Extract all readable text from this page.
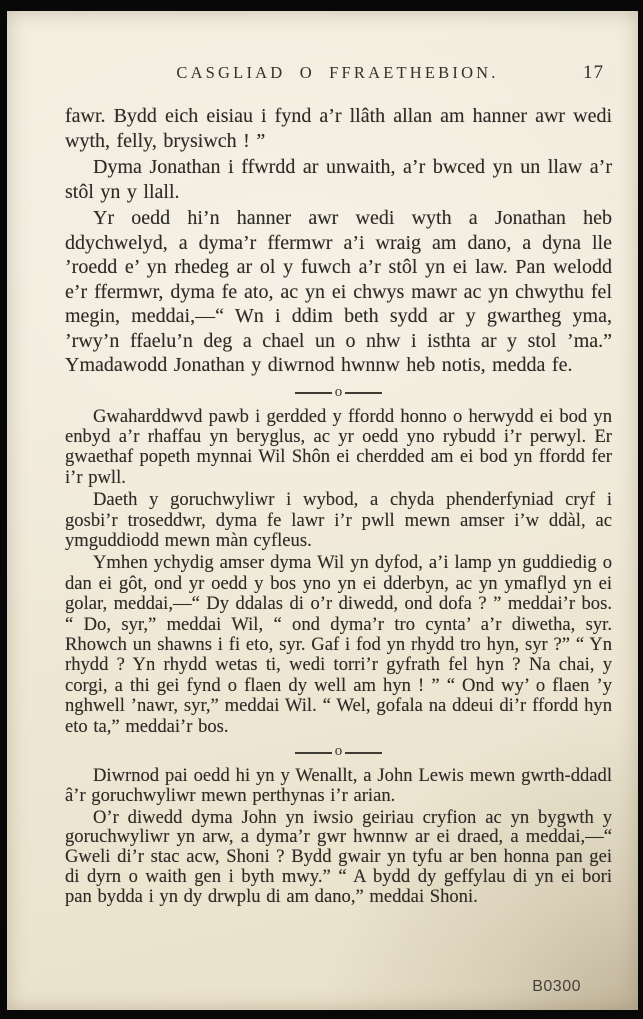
CASGLIAD O FFRAETHEBION.	17

fawr. Bydd eich eisiau i fynd a’r llâth allan am hanner awr wedi wyth, felly, brysiwch ! ”

Dyma Jonathan i ffwrdd ar unwaith, a’r bwced yn un llaw a’r stôl yn y llall.

Yr oedd hi’n hanner awr wedi wyth a Jonathan heb ddychwelyd, a dyma’r ffermwr a’i wraig am dano, a dyna lle ’roedd e’ yn rhedeg ar ol y fuwch a’r stôl yn ei law. Pan welodd e’r ffermwr, dyma fe ato, ac yn ei chwys mawr ac yn chwythu fel megin, meddai,—“ Wn i ddim beth sydd ar y gwartheg yma, ’rwy’n ffaelu’n deg a chael un o nhw i isthta ar y stol ’ma.” Ymadawodd Jonathan y diwrnod hwnnw heb notis, medda fe.

o

Gwaharddwvd pawb i gerdded y ffordd honno o herwydd ei bod yn enbyd a’r rhaffau yn beryglus, ac yr oedd yno rybudd i’r perwyl. Er gwaethaf popeth mynnai Wil Shôn ei cherdded am ei bod yn ffordd fer i’r pwll.

Daeth y goruchwyliwr i wybod, a chyda phenderfyniad cryf i gosbi’r troseddwr, dyma fe lawr i’r pwll mewn amser i’w ddàl, ac ymguddiodd mewn màn cyfleus.

Ymhen ychydig amser dyma Wil yn dyfod, a’i lamp yn guddiedig o dan ei gôt, ond yr oedd y bos yno yn ei dderbyn, ac yn ymaflyd yn ei golar, meddai,—“ Dy ddalas di o’r diwedd, ond dofa ? ” meddai’r bos. “ Do, syr,” meddai Wil, “ ond dyma’r tro cynta’ a’r diwetha, syr. Rhowch un shawns i fi eto, syr. Gaf i fod yn rhydd tro hyn, syr ?” “ Yn rhydd ? Yn rhydd wetas ti, wedi torri’r gyfrath fel hyn ? Na chai, y corgi, a thi gei fynd o flaen dy well am hyn ! ” “ Ond wy’ o flaen ’y nghwell ’nawr, syr,” meddai Wil. “ Wel, gofala na ddeui di’r ffordd hyn eto ta,” meddai’r bos.

o

Diwrnod pai oedd hi yn y Wenallt, a John Lewis mewn gwrth-ddadl â’r goruchwyliwr mewn perthynas i’r arian.

O’r diwedd dyma John yn iwsio geiriau cryfion ac yn bygwth y goruchwyliwr yn arw, a dyma’r gwr hwnnw ar ei draed, a meddai,—“ Gweli di’r stac acw, Shoni ? Bydd gwair yn tyfu ar ben honna pan gei di dyrn o waith gen i byth mwy.” “ A bydd dy geffylau di yn ei bori pan bydda i yn dy drwplu di am dano,” meddai Shoni.

B0300
